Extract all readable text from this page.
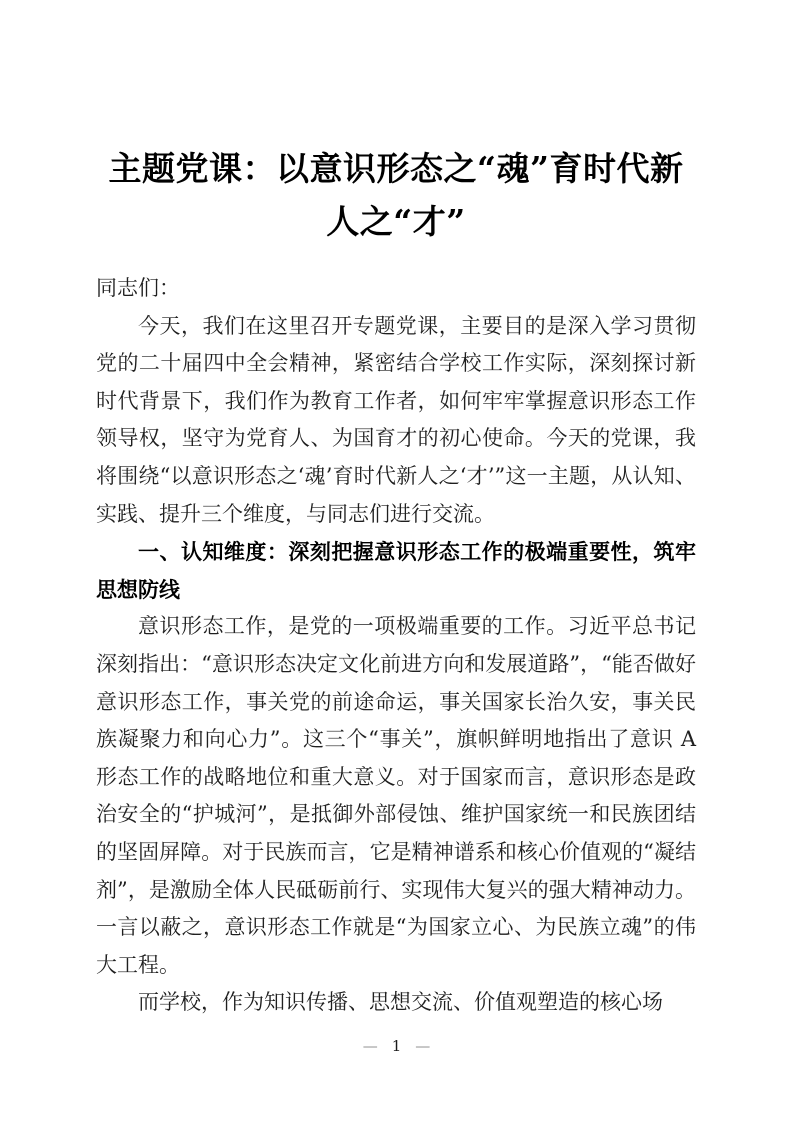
主题党课：以意识形态之“魂”育时代新
人之“才”

同志们：

今天，我们在这里召开专题党课，主要目的是深入学习贯彻党的二十届四中全会精神，紧密结合学校工作实际，深刻探讨新时代背景下，我们作为教育工作者，如何牢牢掌握意识形态工作领导权，坚守为党育人、为国育才的初心使命。今天的党课，我将围绕“以意识形态之‘魂’育时代新人之‘才’”这一主题，从认知、实践、提升三个维度，与同志们进行交流。

一、认知维度：深刻把握意识形态工作的极端重要性，筑牢思想防线

意识形态工作，是党的一项极端重要的工作。习近平总书记深刻指出：“意识形态决定文化前进方向和发展道路”，“能否做好意识形态工作，事关党的前途命运，事关国家长治久安，事关民族凝聚力和向心力”。这三个“事关”，旗帜鲜明地指出了意识 A 形态工作的战略地位和重大意义。对于国家而言，意识形态是政治安全的“护城河”，是抵御外部侵蚀、维护国家统一和民族团结的坚固屏障。对于民族而言，它是精神谱系和核心价值观的“凝结剂”，是激励全体人民砥砺前行、实现伟大复兴的强大精神动力。一言以蔽之，意识形态工作就是“为国家立心、为民族立魂”的伟大工程。

而学校，作为知识传播、思想交流、价值观塑造的核心场

— 1 —
